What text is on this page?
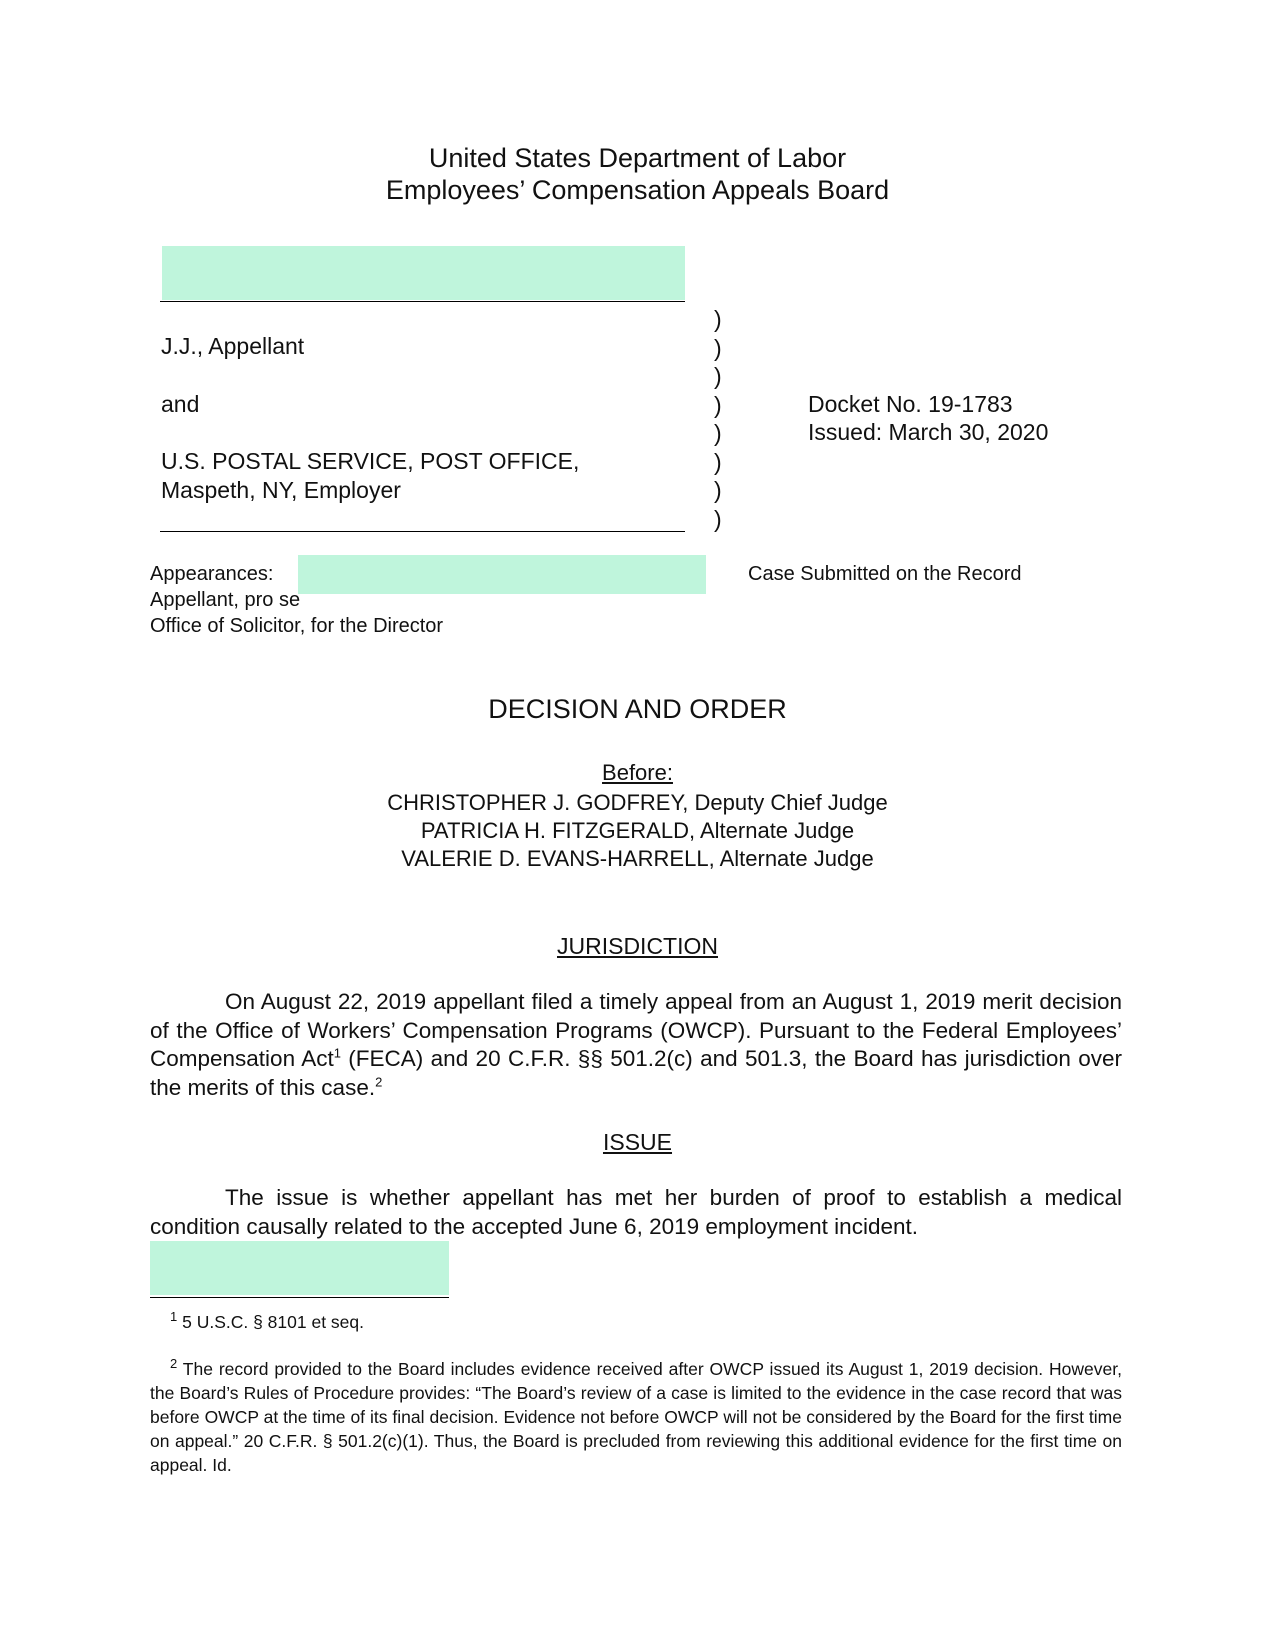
United States Department of Labor
Employees’ Compensation Appeals Board
J.J., Appellant
and
U.S. POSTAL SERVICE, POST OFFICE,
Maspeth, NY, Employer
)
)
)
)
)
)
)
)
Docket No. 19-1783
Issued: March 30, 2020
Appearances:
Appellant, pro se
Office of Solicitor, for the Director
Case Submitted on the Record
DECISION AND ORDER
Before:
CHRISTOPHER J. GODFREY, Deputy Chief Judge
PATRICIA H. FITZGERALD, Alternate Judge
VALERIE D. EVANS-HARRELL, Alternate Judge
JURISDICTION
On August 22, 2019 appellant filed a timely appeal from an August 1, 2019 merit decision of the Office of Workers’ Compensation Programs (OWCP). Pursuant to the Federal Employees’ Compensation Act$^1$ (FECA) and 20 C.F.R. §§ 501.2(c) and 501.3, the Board has jurisdiction over the merits of this case.$^2$
ISSUE
The issue is whether appellant has met her burden of proof to establish a medical condition causally related to the accepted June 6, 2019 employment incident.
$^1$ 5 U.S.C. § 8101 et seq.
$^2$ The record provided to the Board includes evidence received after OWCP issued its August 1, 2019 decision. However, the Board’s Rules of Procedure provides: “The Board’s review of a case is limited to the evidence in the case record that was before OWCP at the time of its final decision. Evidence not before OWCP will not be considered by the Board for the first time on appeal.” 20 C.F.R. § 501.2(c)(1). Thus, the Board is precluded from reviewing this additional evidence for the first time on appeal. Id.
